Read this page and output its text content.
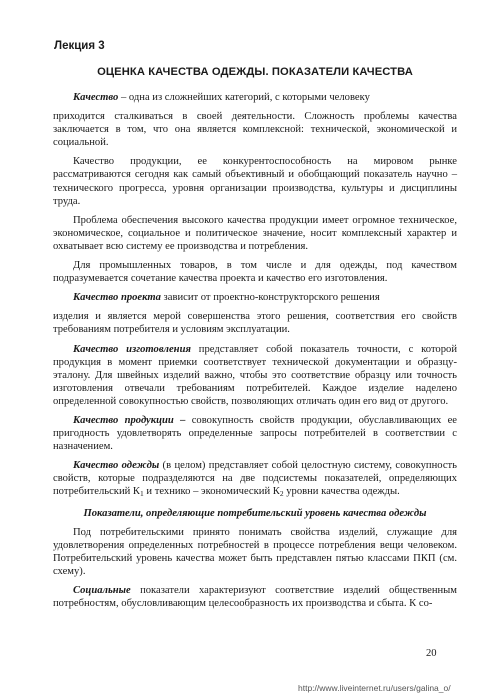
Лекция 3
ОЦЕНКА КАЧЕСТВА ОДЕЖДЫ. ПОКАЗАТЕЛИ КАЧЕСТВА

Качество – одна из сложнейших категорий, с которыми человеку

приходится сталкиваться в своей деятельности. Сложность проблемы качества заключается в том, что она является комплексной: технической, экономической и социальной.

Качество продукции, ее конкурентоспособность на мировом рынке рассматриваются сегодня как самый объективный и обобщающий показатель научно – технического прогресса, уровня организации производства, культуры и дисциплины труда.

Проблема обеспечения высокого качества продукции имеет огромное техническое, экономическое, социальное и политическое значение, носит комплексный характер и охватывает всю систему ее производства и потребления.

Для промышленных товаров, в том числе и для одежды, под качеством подразумевается сочетание качества проекта и качество его изготовления.

Качество проекта зависит от проектно-конструкторского решения

изделия и является мерой совершенства этого решения, соответствия его свойств требованиям потребителя и условиям эксплуатации.

Качество изготовления представляет собой показатель точности, с которой продукция в момент приемки соответствует технической документации и образцу-эталону. Для швейных изделий важно, чтобы это соответствие образцу или точность изготовления отвечали требованиям потребителей. Каждое изделие наделено определенной совокупностью свойств, позволяющих отличать один его вид от другого.

Качество продукции – совокупность свойств продукции, обуславливающих ее пригодность удовлетворять определенные запросы потребителей в соответствии с назначением.

Качество одежды (в целом) представляет собой целостную систему, совокупность свойств, которые подразделяются на две подсистемы показателей, определяющих потребительский $К_1$ и технико – экономический $К_2$ уровни качества одежды.

Показатели, определяющие потребительский уровень качества одежды

Под потребительскими принято понимать свойства изделий, служащие для удовлетворения определенных потребностей в процессе потребления вещи человеком. Потребительский уровень качества может быть представлен пятью классами ПКП (см. схему).

Социальные показатели характеризуют соответствие изделий общественным потребностям, обусловливающим целесообразность их производства и сбыта. К со-

20
http://www.liveinternet.ru/users/galina_o/
